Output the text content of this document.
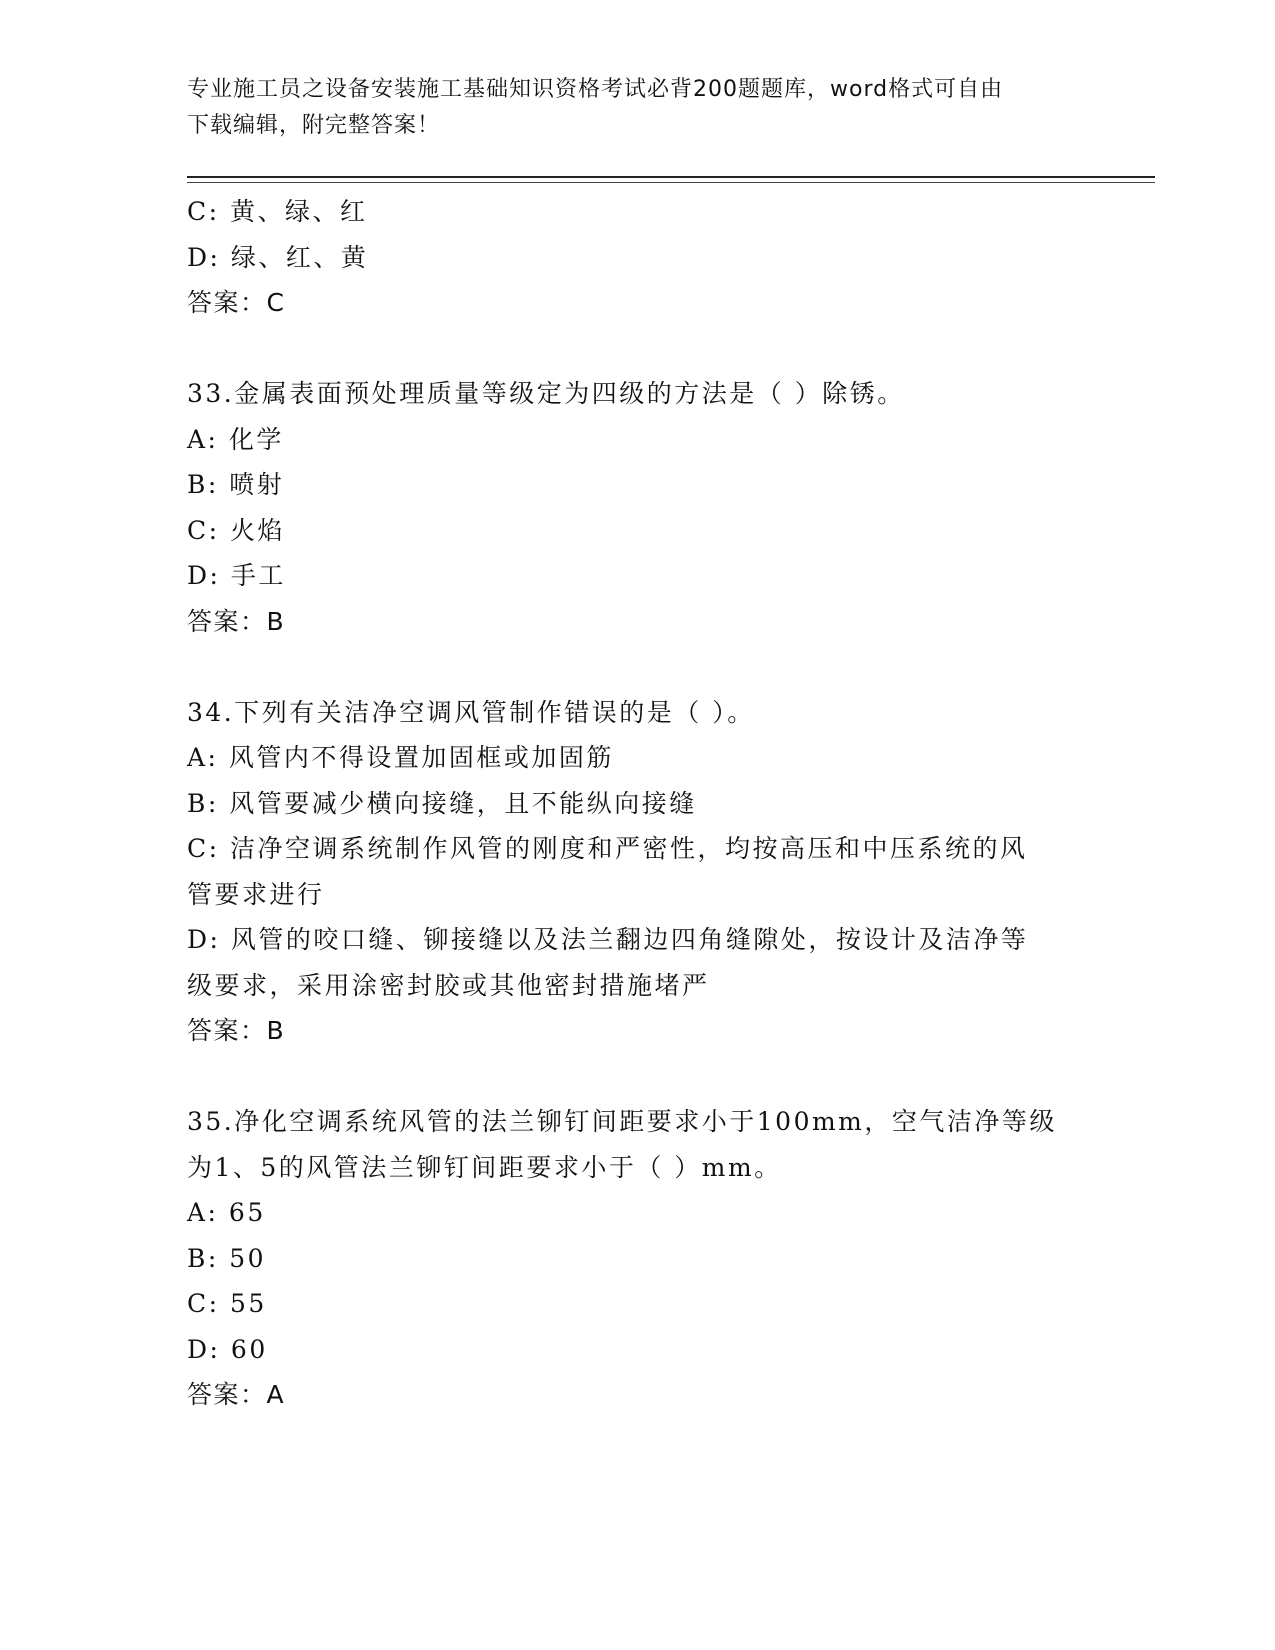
专业施工员之设备安装施工基础知识资格考试必背200题题库，word格式可自由
下载编辑，附完整答案！
C: 黄、绿、红
D: 绿、红、黄
答案：C
33.金属表面预处理质量等级定为四级的方法是（ ）除锈。
A: 化学
B: 喷射
C: 火焰
D: 手工
答案：B
34.下列有关洁净空调风管制作错误的是（ ）。
A: 风管内不得设置加固框或加固筋
B: 风管要减少横向接缝，且不能纵向接缝
C: 洁净空调系统制作风管的刚度和严密性，均按高压和中压系统的风
管要求进行
D: 风管的咬口缝、铆接缝以及法兰翻边四角缝隙处，按设计及洁净等
级要求，采用涂密封胶或其他密封措施堵严
答案：B
35.净化空调系统风管的法兰铆钉间距要求小于100mm，空气洁净等级
为1、5的风管法兰铆钉间距要求小于（ ）mm。
A: 65
B: 50
C: 55
D: 60
答案：A
